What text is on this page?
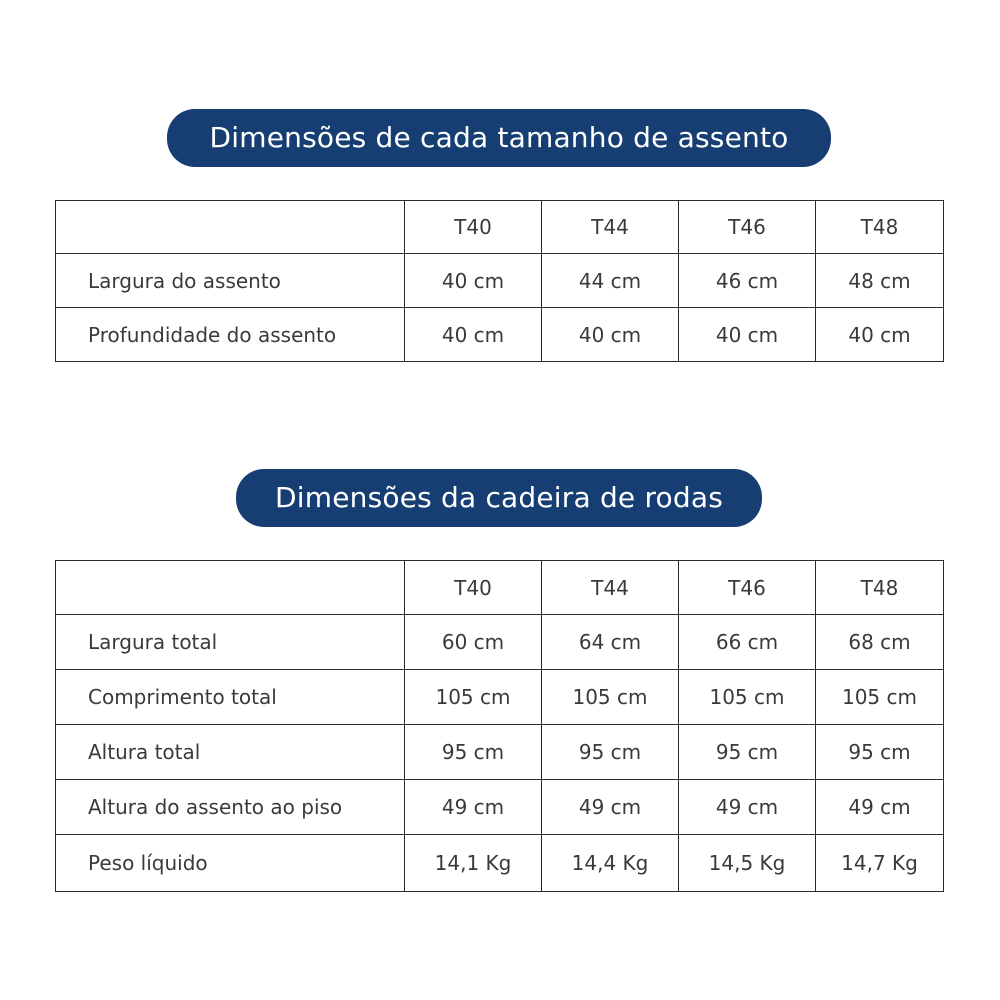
Dimensões de cada tamanho de assento
	T40	T44	T46	T48
Largura do assento	40 cm	44 cm	46 cm	48 cm
Profundidade do assento	40 cm	40 cm	40 cm	40 cm
Dimensões da cadeira de rodas
	T40	T44	T46	T48
Largura total	60 cm	64 cm	66 cm	68 cm
Comprimento total	105 cm	105 cm	105 cm	105 cm
Altura total	95 cm	95 cm	95 cm	95 cm
Altura do assento ao piso	49 cm	49 cm	49 cm	49 cm
Peso líquido	14,1 Kg	14,4 Kg	14,5 Kg	14,7 Kg
